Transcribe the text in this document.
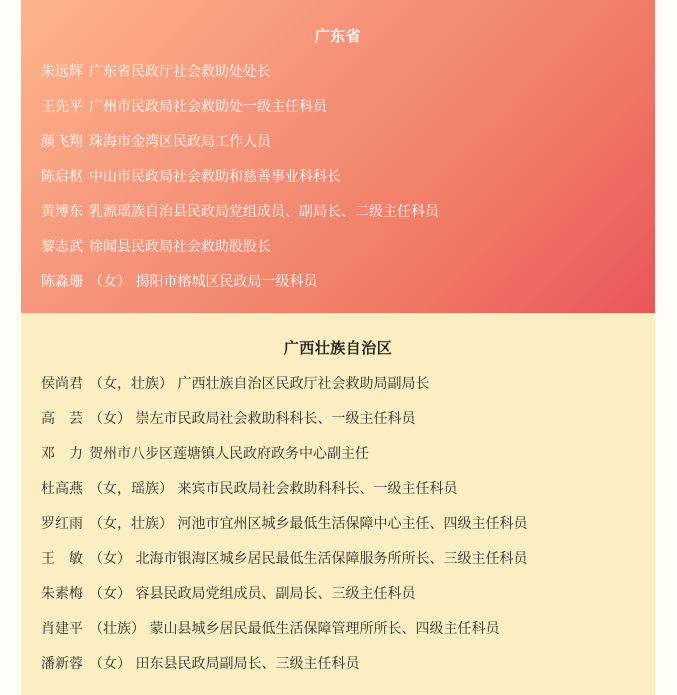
广东省
朱远辉 广东省民政厅社会救助处处长
王先平 广州市民政局社会救助处一级主任科员
颜飞翔 珠海市金湾区民政局工作人员
陈启枢 中山市民政局社会救助和慈善事业科科长
黄博东 乳源瑶族自治县民政局党组成员、副局长、二级主任科员
黎志武 徐闻县民政局社会救助股股长
陈淼珊 （女） 揭阳市榕城区民政局一级科员
广西壮族自治区
侯尚君 （女，壮族） 广西壮族自治区民政厅社会救助局副局长
高　芸 （女） 崇左市民政局社会救助科科长、一级主任科员
邓　力 贺州市八步区莲塘镇人民政府政务中心副主任
杜高燕 （女，瑶族） 来宾市民政局社会救助科科长、一级主任科员
罗红雨 （女，壮族） 河池市宜州区城乡最低生活保障中心主任、四级主任科员
王　敏 （女） 北海市银海区城乡居民最低生活保障服务所所长、三级主任科员
朱素梅 （女） 容县民政局党组成员、副局长、三级主任科员
肖建平 （壮族） 蒙山县城乡居民最低生活保障管理所所长、四级主任科员
潘新蓉 （女） 田东县民政局副局长、三级主任科员
